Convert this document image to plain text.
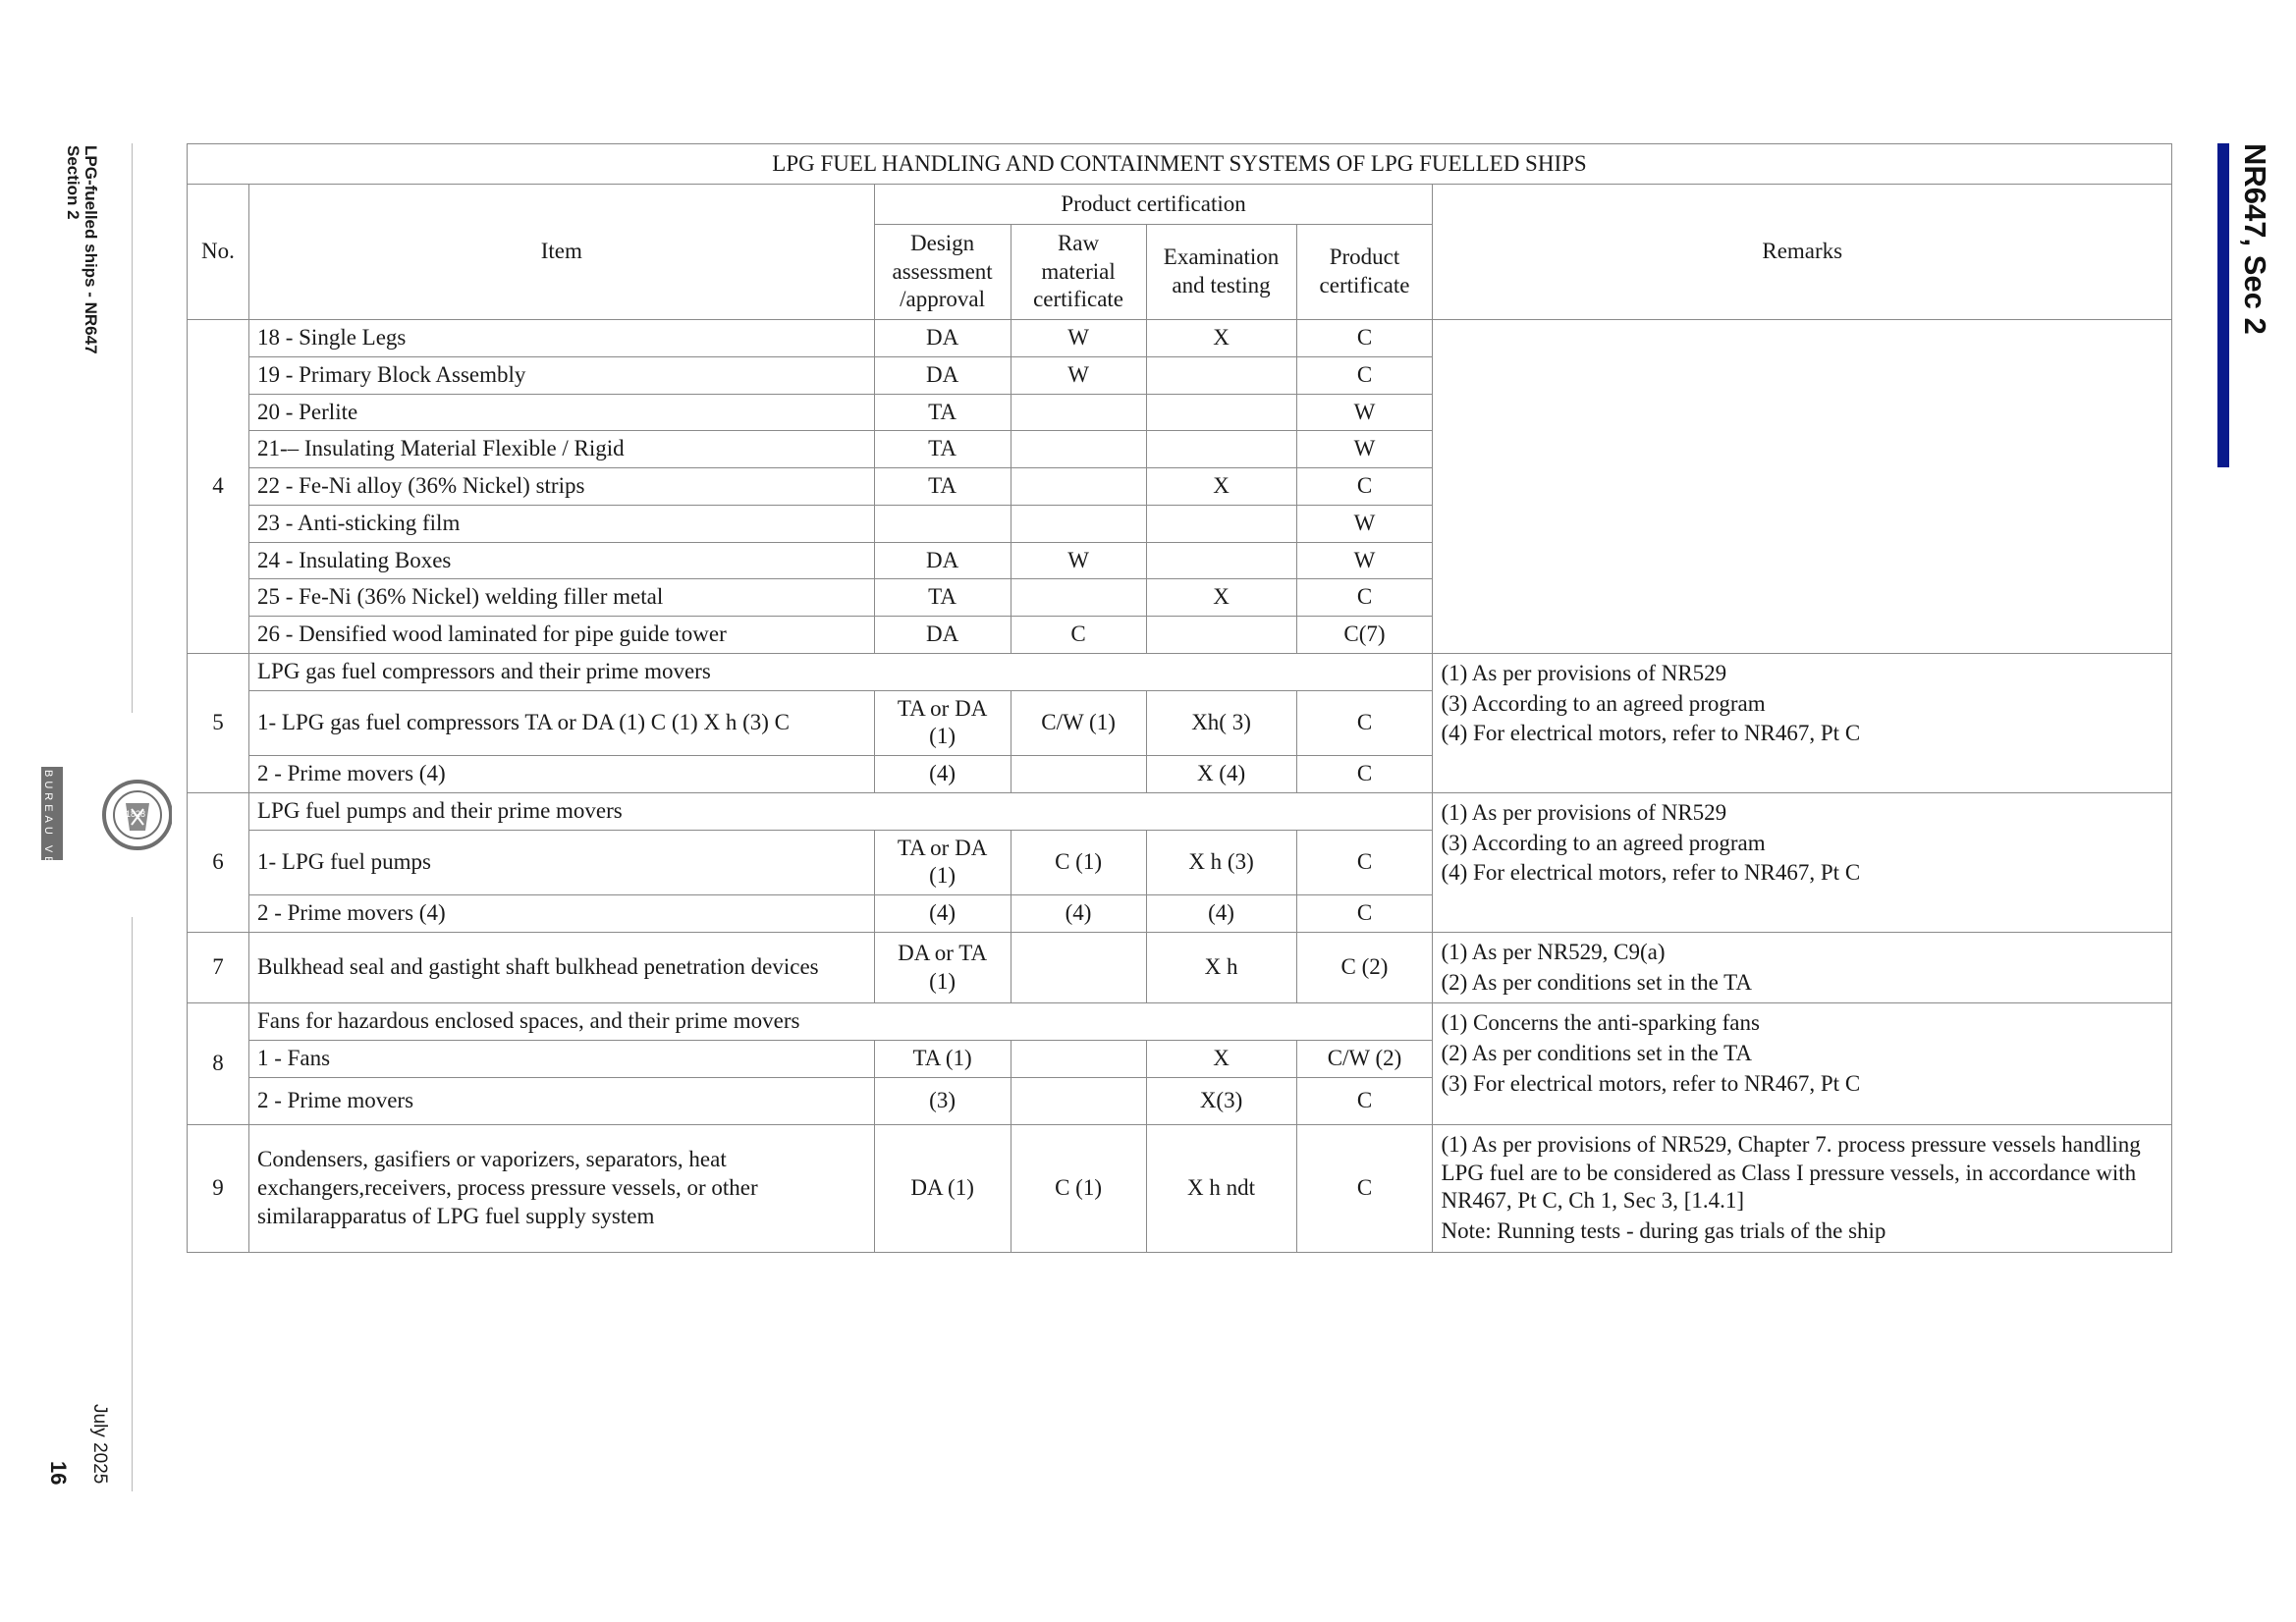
LPG-fuelled ships - NR647
Section 2
July 2025
16
BUREAU VERITAS	1828
NR647, Sec 2
LPG FUEL HANDLING AND CONTAINMENT SYSTEMS OF LPG FUELLED SHIPS						
No.	Item	Product certification				Remarks
		Design assessment /approval	Raw material certificate	Examination and testing	Product certificate	
4	18 - Single Legs	DA	W	X	C	
	19 - Primary Block Assembly	DA	W		C	
	20 - Perlite	TA			W	
	21-– Insulating Material Flexible / Rigid	TA			W	
	22 - Fe-Ni alloy (36% Nickel) strips	TA		X	C	
	23 - Anti-sticking film				W	
	24 - Insulating Boxes	DA	W		W	
	25 - Fe-Ni (36% Nickel) welding filler metal	TA		X	C	
	26 - Densified wood laminated for pipe guide tower	DA	C		C(7)	
5	LPG gas fuel compressors and their prime movers					(1) As per provisions of NR529
(3) According to an agreed program
(4) For electrical motors, refer to NR467, Pt C

	1- LPG gas fuel compressors TA or DA (1) C (1) X h (3) C	TA or DA (1)	C/W (1)	Xh( 3)	C	
	2 - Prime movers (4)	(4)		X (4)	C	
6	LPG fuel pumps and their prime movers					(1) As per provisions of NR529
(3) According to an agreed program
(4) For electrical motors, refer to NR467, Pt C

	1- LPG fuel pumps	TA or DA (1)	C (1)	X h (3)	C	
	2 - Prime movers (4)	(4)	(4)	(4)	C	
7	Bulkhead seal and gastight shaft bulkhead penetration devices	DA or TA (1)		X h	C (2)	(1) As per NR529, C9(a)
(2) As per conditions set in the TA

8	Fans for hazardous enclosed spaces, and their prime movers					(1) Concerns the anti-sparking fans
(2) As per conditions set in the TA
(3) For electrical motors, refer to NR467, Pt C

	1 - Fans	TA (1)		X	C/W (2)	
	2 - Prime movers	(3)		X(3)	C	
9	Condensers, gasifiers or vaporizers, separators, heat exchangers,receivers, process pressure vessels, or other similarapparatus of LPG fuel supply system	DA (1)	C (1)	X h ndt	C	(1) As per provisions of NR529, Chapter 7. process pressure vessels handling LPG fuel are to be considered as Class I pressure vessels, in accordance with NR467, Pt C, Ch 1, Sec 3, [1.4.1]
Note: Running tests - during gas trials of the ship
